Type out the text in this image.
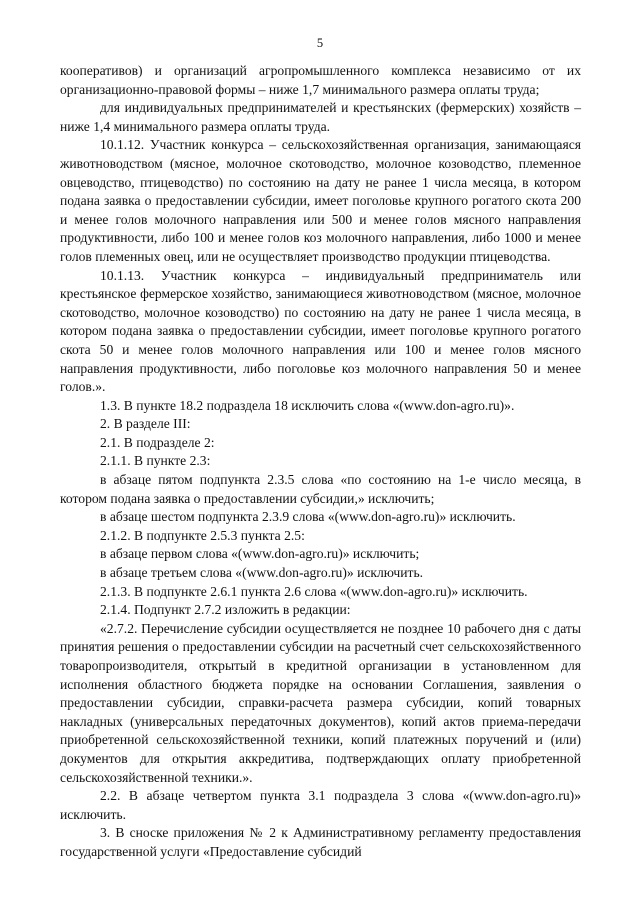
5

кооперативов) и организаций агропромышленного комплекса независимо от их организационно-правовой формы – ниже 1,7 минимального размера оплаты труда;

для индивидуальных предпринимателей и крестьянских (фермерских) хозяйств – ниже 1,4 минимального размера оплаты труда.

10.1.12. Участник конкурса – сельскохозяйственная организация, занимающаяся животноводством (мясное, молочное скотоводство, молочное козоводство, племенное овцеводство, птицеводство) по состоянию на дату не ранее 1 числа месяца, в котором подана заявка о предоставлении субсидии, имеет поголовье крупного рогатого скота 200 и менее голов молочного направления или 500 и менее голов мясного направления продуктивности, либо 100 и менее голов коз молочного направления, либо 1000 и менее голов племенных овец, или не осуществляет производство продукции птицеводства.

10.1.13. Участник конкурса – индивидуальный предприниматель или крестьянское фермерское хозяйство, занимающиеся животноводством (мясное, молочное скотоводство, молочное козоводство) по состоянию на дату не ранее 1 числа месяца, в котором подана заявка о предоставлении субсидии, имеет поголовье крупного рогатого скота 50 и менее голов молочного направления или 100 и менее голов мясного направления продуктивности, либо поголовье коз молочного направления 50 и менее голов.».

1.3. В пункте 18.2 подраздела 18 исключить слова «(www.don-agro.ru)».

2. В разделе III:

2.1. В подразделе 2:

2.1.1. В пункте 2.3:

в абзаце пятом подпункта 2.3.5 слова «по состоянию на 1-е число месяца, в котором подана заявка о предоставлении субсидии,» исключить;

в абзаце шестом подпункта 2.3.9 слова «(www.don-agro.ru)» исключить.

2.1.2. В подпункте 2.5.3 пункта 2.5:

в абзаце первом слова «(www.don-agro.ru)» исключить;

в абзаце третьем слова «(www.don-agro.ru)» исключить.

2.1.3. В подпункте 2.6.1 пункта 2.6 слова «(www.don-agro.ru)» исключить.

2.1.4. Подпункт 2.7.2 изложить в редакции:

«2.7.2. Перечисление субсидии осуществляется не позднее 10 рабочего дня с даты принятия решения о предоставлении субсидии на расчетный счет сельскохозяйственного товаропроизводителя, открытый в кредитной организации в установленном для исполнения областного бюджета порядке на основании Соглашения, заявления о предоставлении субсидии, справки-расчета размера субсидии, копий товарных накладных (универсальных передаточных документов), копий актов приема-передачи приобретенной сельскохозяйственной техники, копий платежных поручений и (или) документов для открытия аккредитива, подтверждающих оплату приобретенной сельскохозяйственной техники.».

2.2. В абзаце четвертом пункта 3.1 подраздела 3 слова «(www.don-agro.ru)» исключить.

3. В сноске приложения № 2 к Административному регламенту предоставления государственной услуги «Предоставление субсидий
